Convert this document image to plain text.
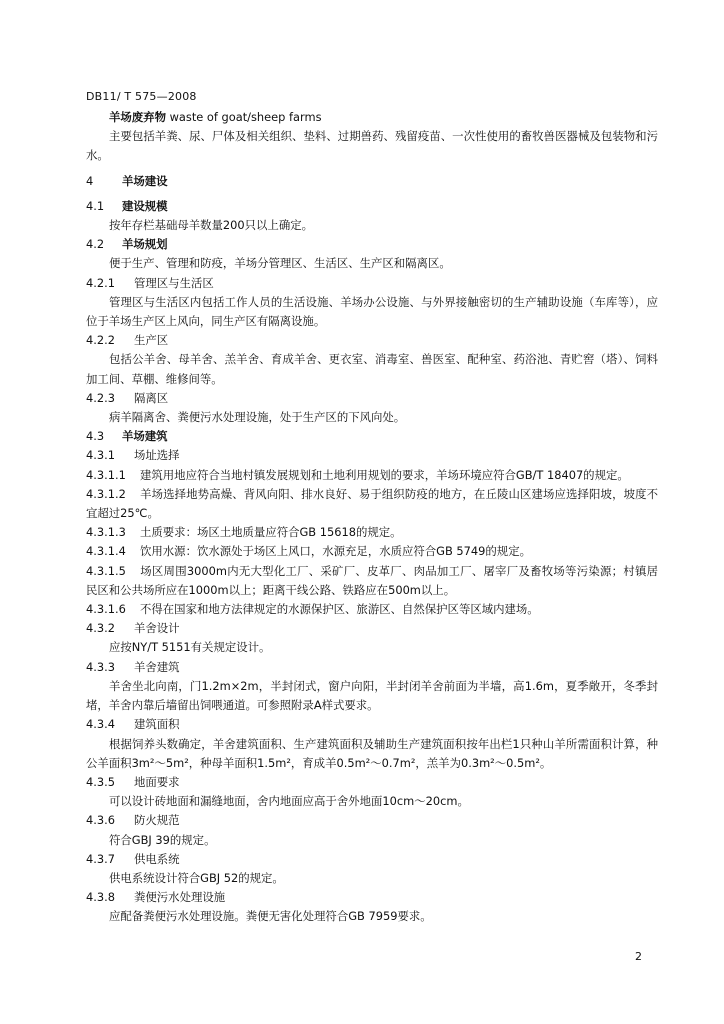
DB11/ T 575—2008
羊场废弃物 waste of goat/sheep farms
主要包括羊粪、尿、尸体及相关组织、垫料、过期兽药、残留疫苗、一次性使用的畜牧兽医器械及包装物和污水。
4	羊场建设
4.1 建设规模
按年存栏基础母羊数量200只以上确定。
4.2 羊场规划
便于生产、管理和防疫，羊场分管理区、生活区、生产区和隔离区。
4.2.1 管理区与生活区
管理区与生活区内包括工作人员的生活设施、羊场办公设施、与外界接触密切的生产辅助设施（车库等），应位于羊场生产区上风向，同生产区有隔离设施。
4.2.2 生产区
包括公羊舍、母羊舍、羔羊舍、育成羊舍、更衣室、消毒室、兽医室、配种室、药浴池、青贮窖（塔）、饲料加工间、草棚、维修间等。
4.2.3 隔离区
病羊隔离舍、粪便污水处理设施，处于生产区的下风向处。
4.3 羊场建筑
4.3.1 场址选择
4.3.1.1 建筑用地应符合当地村镇发展规划和土地利用规划的要求，羊场环境应符合GB/T 18407的规定。
4.3.1.2 羊场选择地势高燥、背风向阳、排水良好、易于组织防疫的地方，在丘陵山区建场应选择阳坡，坡度不宜超过25℃。
4.3.1.3 土质要求：场区土地质量应符合GB 15618的规定。
4.3.1.4 饮用水源：饮水源处于场区上风口，水源充足，水质应符合GB 5749的规定。
4.3.1.5 场区周围3000m内无大型化工厂、采矿厂、皮革厂、肉品加工厂、屠宰厂及畜牧场等污染源；村镇居民区和公共场所应在1000m以上；距离干线公路、铁路应在500m以上。
4.3.1.6 不得在国家和地方法律规定的水源保护区、旅游区、自然保护区等区域内建场。
4.3.2 羊舍设计
应按NY/T 5151有关规定设计。
4.3.3 羊舍建筑
羊舍坐北向南，门1.2m×2m，半封闭式，窗户向阳，半封闭羊舍前面为半墙，高1.6m，夏季敞开，冬季封堵，羊舍内靠后墙留出饲喂通道。可参照附录A样式要求。
4.3.4 建筑面积
根据饲养头数确定，羊舍建筑面积、生产建筑面积及辅助生产建筑面积按年出栏1只种山羊所需面积计算，种公羊面积3m²～5m²，种母羊面积1.5m²，育成羊0.5m²～0.7m²，羔羊为0.3m²～0.5m²。
4.3.5 地面要求
可以设计砖地面和漏缝地面，舍内地面应高于舍外地面10cm～20cm。
4.3.6 防火规范
符合GBJ 39的规定。
4.3.7 供电系统
供电系统设计符合GBJ 52的规定。
4.3.8 粪便污水处理设施
应配备粪便污水处理设施。粪便无害化处理符合GB 7959要求。
2
